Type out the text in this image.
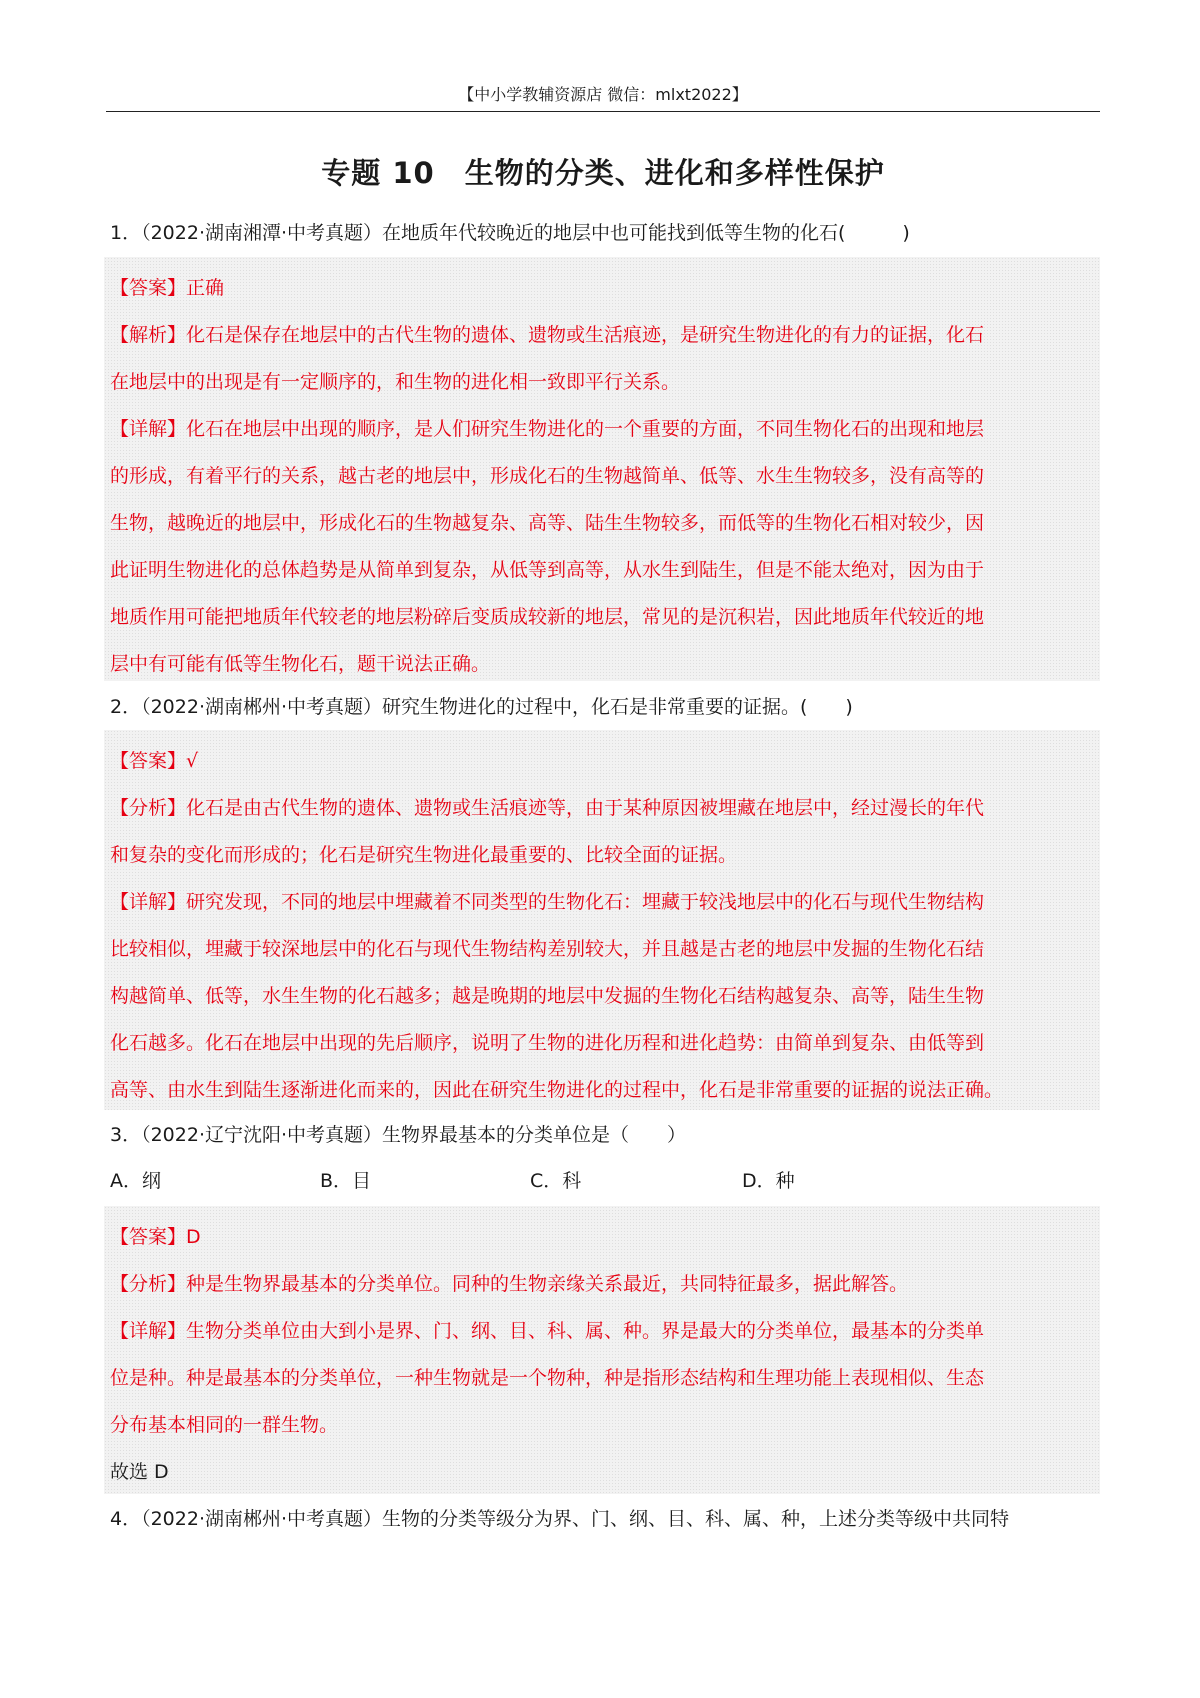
【中小学教辅资源店 微信：mlxt2022】
专题 10　生物的分类、进化和多样性保护
1．（2022·湖南湘潭·中考真题）在地质年代较晚近的地层中也可能找到低等生物的化石(　　　)

【答案】正确

【解析】化石是保存在地层中的古代生物的遗体、遗物或生活痕迹，是研究生物进化的有力的证据，化石

在地层中的出现是有一定顺序的，和生物的进化相一致即平行关系。

【详解】化石在地层中出现的顺序，是人们研究生物进化的一个重要的方面，不同生物化石的出现和地层

的形成，有着平行的关系，越古老的地层中，形成化石的生物越简单、低等、水生生物较多，没有高等的

生物，越晚近的地层中，形成化石的生物越复杂、高等、陆生生物较多，而低等的生物化石相对较少，因

此证明生物进化的总体趋势是从简单到复杂，从低等到高等，从水生到陆生，但是不能太绝对，因为由于

地质作用可能把地质年代较老的地层粉碎后变质成较新的地层，常见的是沉积岩，因此地质年代较近的地

层中有可能有低等生物化石，题干说法正确。

2．（2022·湖南郴州·中考真题）研究生物进化的过程中，化石是非常重要的证据。(　　)

【答案】√

【分析】化石是由古代生物的遗体、遗物或生活痕迹等，由于某种原因被埋藏在地层中，经过漫长的年代

和复杂的变化而形成的；化石是研究生物进化最重要的、比较全面的证据。

【详解】研究发现，不同的地层中埋藏着不同类型的生物化石：埋藏于较浅地层中的化石与现代生物结构

比较相似，埋藏于较深地层中的化石与现代生物结构差别较大，并且越是古老的地层中发掘的生物化石结

构越简单、低等，水生生物的化石越多；越是晚期的地层中发掘的生物化石结构越复杂、高等，陆生生物

化石越多。化石在地层中出现的先后顺序，说明了生物的进化历程和进化趋势：由简单到复杂、由低等到

高等、由水生到陆生逐渐进化而来的，因此在研究生物进化的过程中，化石是非常重要的证据的说法正确。

3．（2022·辽宁沈阳·中考真题）生物界最基本的分类单位是（　　）
A．纲	B．目	C．科	D．种

【答案】D

【分析】种是生物界最基本的分类单位。同种的生物亲缘关系最近，共同特征最多，据此解答。

【详解】生物分类单位由大到小是界、门、纲、目、科、属、种。界是最大的分类单位，最基本的分类单

位是种。种是最基本的分类单位，一种生物就是一个物种，种是指形态结构和生理功能上表现相似、生态

分布基本相同的一群生物。

故选 D

4．（2022·湖南郴州·中考真题）生物的分类等级分为界、门、纲、目、科、属、种，上述分类等级中共同特
